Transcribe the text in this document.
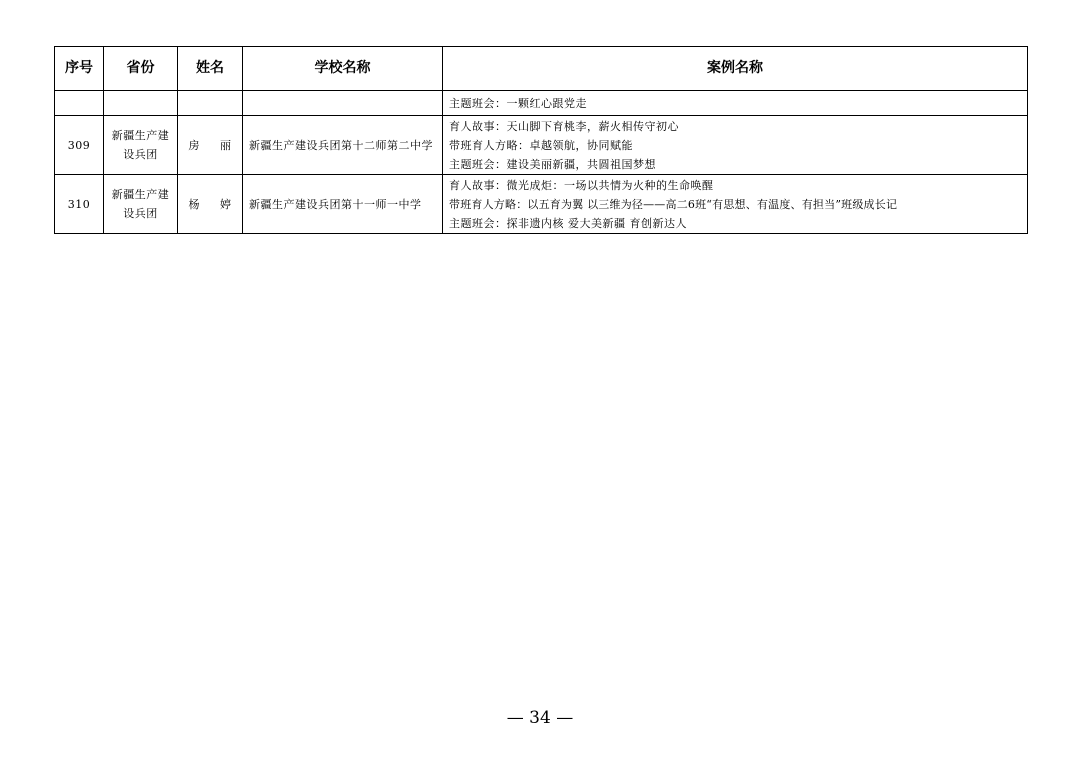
序号	省份	姓名	学校名称	案例名称

				主题班会：一颗红心跟党走

309	新疆生产建设兵团	房 丽	新疆生产建设兵团第十二师第二中学	育人故事：天山脚下育桃李，薪火相传守初心
带班育人方略：卓越领航，协同赋能
主题班会：建设美丽新疆，共圆祖国梦想

310	新疆生产建设兵团	杨 婷	新疆生产建设兵团第十一师一中学	育人故事：微光成炬：一场以共情为火种的生命唤醒
带班育人方略：以五育为翼 以三维为径——高二6班“有思想、有温度、有担当”班级成长记
主题班会：探非遗内核 爱大美新疆 育创新达人
— 34 —
